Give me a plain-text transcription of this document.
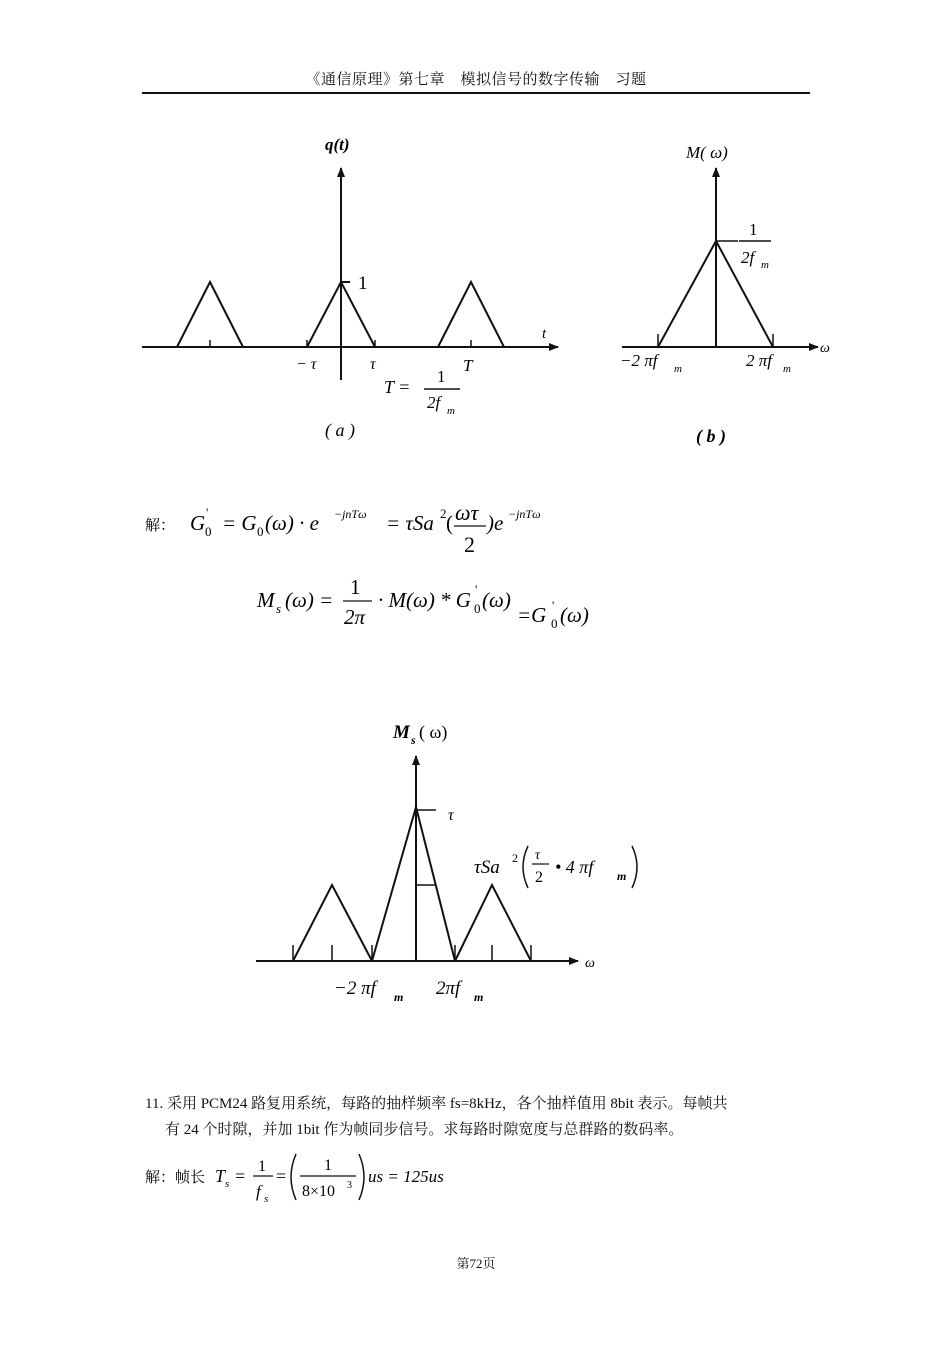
《通信原理》第七章　模拟信号的数字传输　习题
q(t)
t
1
− τ	τ	T
T =
1
2f m
( a )
M( ω)
ω
1
2f m
−2 πf m	2 πf m
( b )
解： G '
0 = G 0 (ω) · e −jnTω = τSa 2 ( ωτ
2
)e −jnTω
M s (ω) =
1
2π
· M(ω) * G '
0 (ω)
=G '
0 (ω)
M s ( ω)
ω
τ
τSa 2 τ
2
• 4 πf m
−2 πf m 2πf m
解：帧长 T s = 1
f s
=
1
8×10 3 us = 125us
11. 采用 PCM24 路复用系统，每路的抽样频率 fs=8kHz，各个抽样值用 8bit 表示。每帧共
有 24 个时隙，并加 1bit 作为帧同步信号。求每路时隙宽度与总群路的数码率。
第72页
